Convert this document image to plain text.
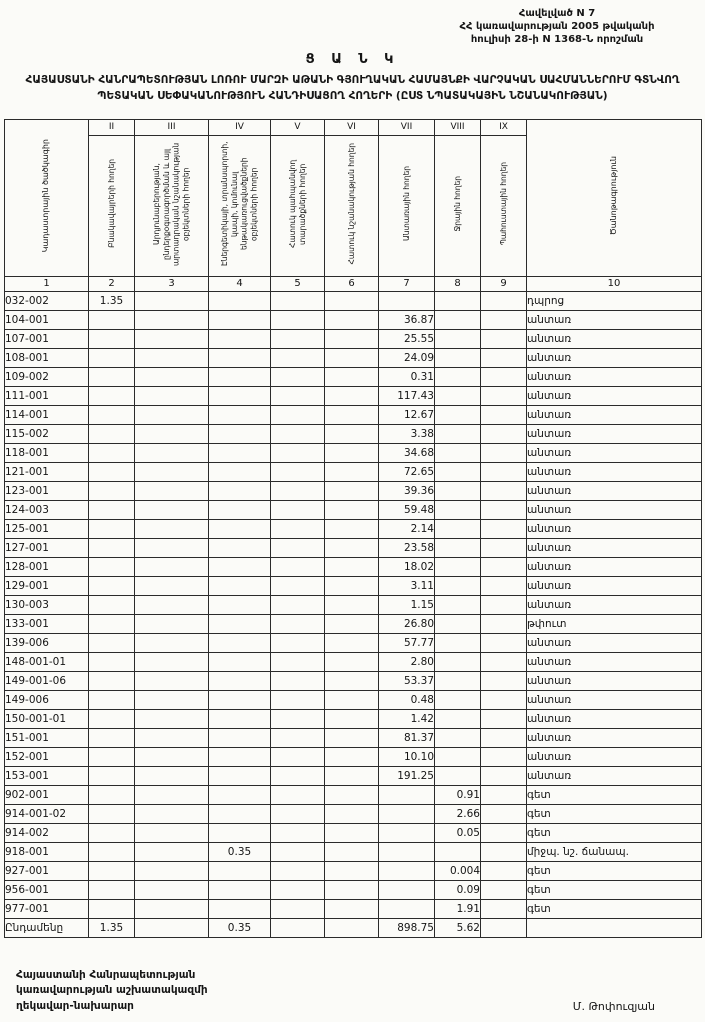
Հավելված N 7
ՀՀ կառավարության 2005 թվականի
հուլիսի 28-ի N 1368-Ն որոշման
Ց Ա Ն Կ
ՀԱՅԱՍՏԱՆԻ ՀԱՆՐԱՊԵՏՈՒԹՅԱՆ ԼՈՌՈՒ ՄԱՐԶԻ ԱԹԱՆԻ ԳՅՈՒՂԱԿԱՆ ՀԱՄԱՅՆՔԻ ՎԱՐՉԱԿԱՆ ՍԱՀՄԱՆՆԵՐՈՒՄ ԳՏՆՎՈՂ ՊԵՏԱԿԱՆ ՍԵՓԱԿԱՆՈՒԹՅՈՒՆ ՀԱՆԴԻՍԱՑՈՂ ՀՈՂԵՐԻ (ԸՍՏ ՆՊԱՏԱԿԱՅԻՆ ՆՇԱՆԱԿՈՒԹՅԱՆ)
Կադաստրային ծածկագիր	II	III	IV	V	VI	VII	VIII	IX	Ծանոթագրություն
	Բնակավայրերի հողեր	Արդյունաբերության, ընդերքօգտագործման և այլ արտադրական նշանակության օբյեկտների հողեր	Էներգետիկայի, տրանսպորտի, կապի, կոմունալ ենթակառուցվածքների օբյեկտների հողեր	Հատուկ պահպանվող տարածքների հողեր	Հատուկ նշանակության հողեր	Անտառային հողեր	Ջրային հողեր	Պահուստային հողեր	
1	2	3	4	5	6	7	8	9	10
032-002	1.35								դպրոց
104-001						36.87			անտառ
107-001						25.55			անտառ
108-001						24.09			անտառ
109-002						0.31			անտառ
111-001						117.43			անտառ
114-001						12.67			անտառ
115-002						3.38			անտառ
118-001						34.68			անտառ
121-001						72.65			անտառ
123-001						39.36			անտառ
124-003						59.48			անտառ
125-001						2.14			անտառ
127-001						23.58			անտառ
128-001						18.02			անտառ
129-001						3.11			անտառ
130-003						1.15			անտառ
133-001						26.80			թփուտ
139-006						57.77			անտառ
148-001-01						2.80			անտառ
149-001-06						53.37			անտառ
149-006						0.48			անտառ
150-001-01						1.42			անտառ
151-001						81.37			անտառ
152-001						10.10			անտառ
153-001						191.25			անտառ
902-001							0.91		գետ
914-001-02							2.66		գետ
914-002							0.05		գետ
918-001			0.35						միջպ. նշ. ճանապ.
927-001							0.004		գետ
956-001							0.09		գետ
977-001							1.91		գետ
Ընդամենը	1.35		0.35			898.75	5.62		
Հայաստանի Հանրապետության
կառավարության աշխատակազմի
ղեկավար-նախարար	Մ. Թոփուզյան
